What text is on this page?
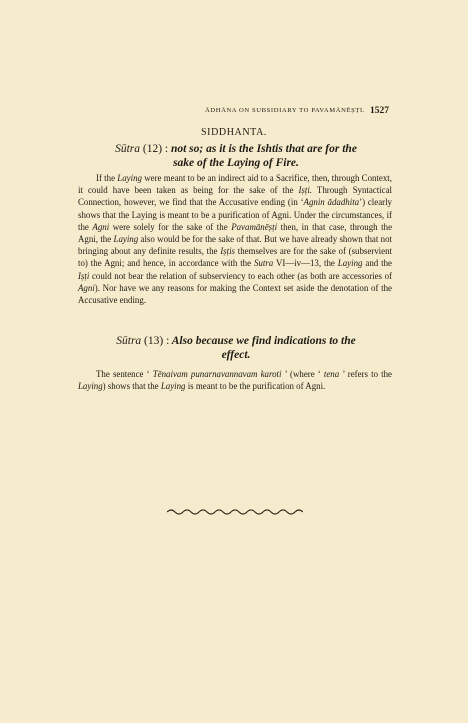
ĀDHĀNA ON SUBSIDIARY TO PAVAMĀNĒṢṬI. 1527
SIDDHANTA.
Sūtra (12) : not so; as it is the Ishtis that are for the
sake of the Laying of Fire.

If the Laying were meant to be an indirect aid to a Sacrifice, then, through Context, it could have been taken as being for the sake of the Iṣṭi. Through Syntactical Connection, however, we find that the Accusative ending (in ‘Agnin ādadhita’) clearly shows that the Laying is meant to be a purification of Agni. Under the circumstances, if the Agni were solely for the sake of the Pavamānēṣṭi then, in that case, through the Agni, the Laying also would be for the sake of that. But we have already shown that not bringing about any definite results, the Iṣṭis themselves are for the sake of (subservient to) the Agni; and hence, in accordance with the Sutra VI—iv—13, the Laying and the Iṣṭi could not bear the relation of subserviency to each other (as both are accessories of Agni). Nor have we any reasons for making the Context set aside the denotation of the Accusative ending.

Sūtra (13) : Also because we find indications to the
effect.

The sentence ‘ Tēnaivam punarnavannavam karoti ’ (where ‘ tena ’ refers to the Laying) shows that the Laying is meant to be the purification of Agni.
